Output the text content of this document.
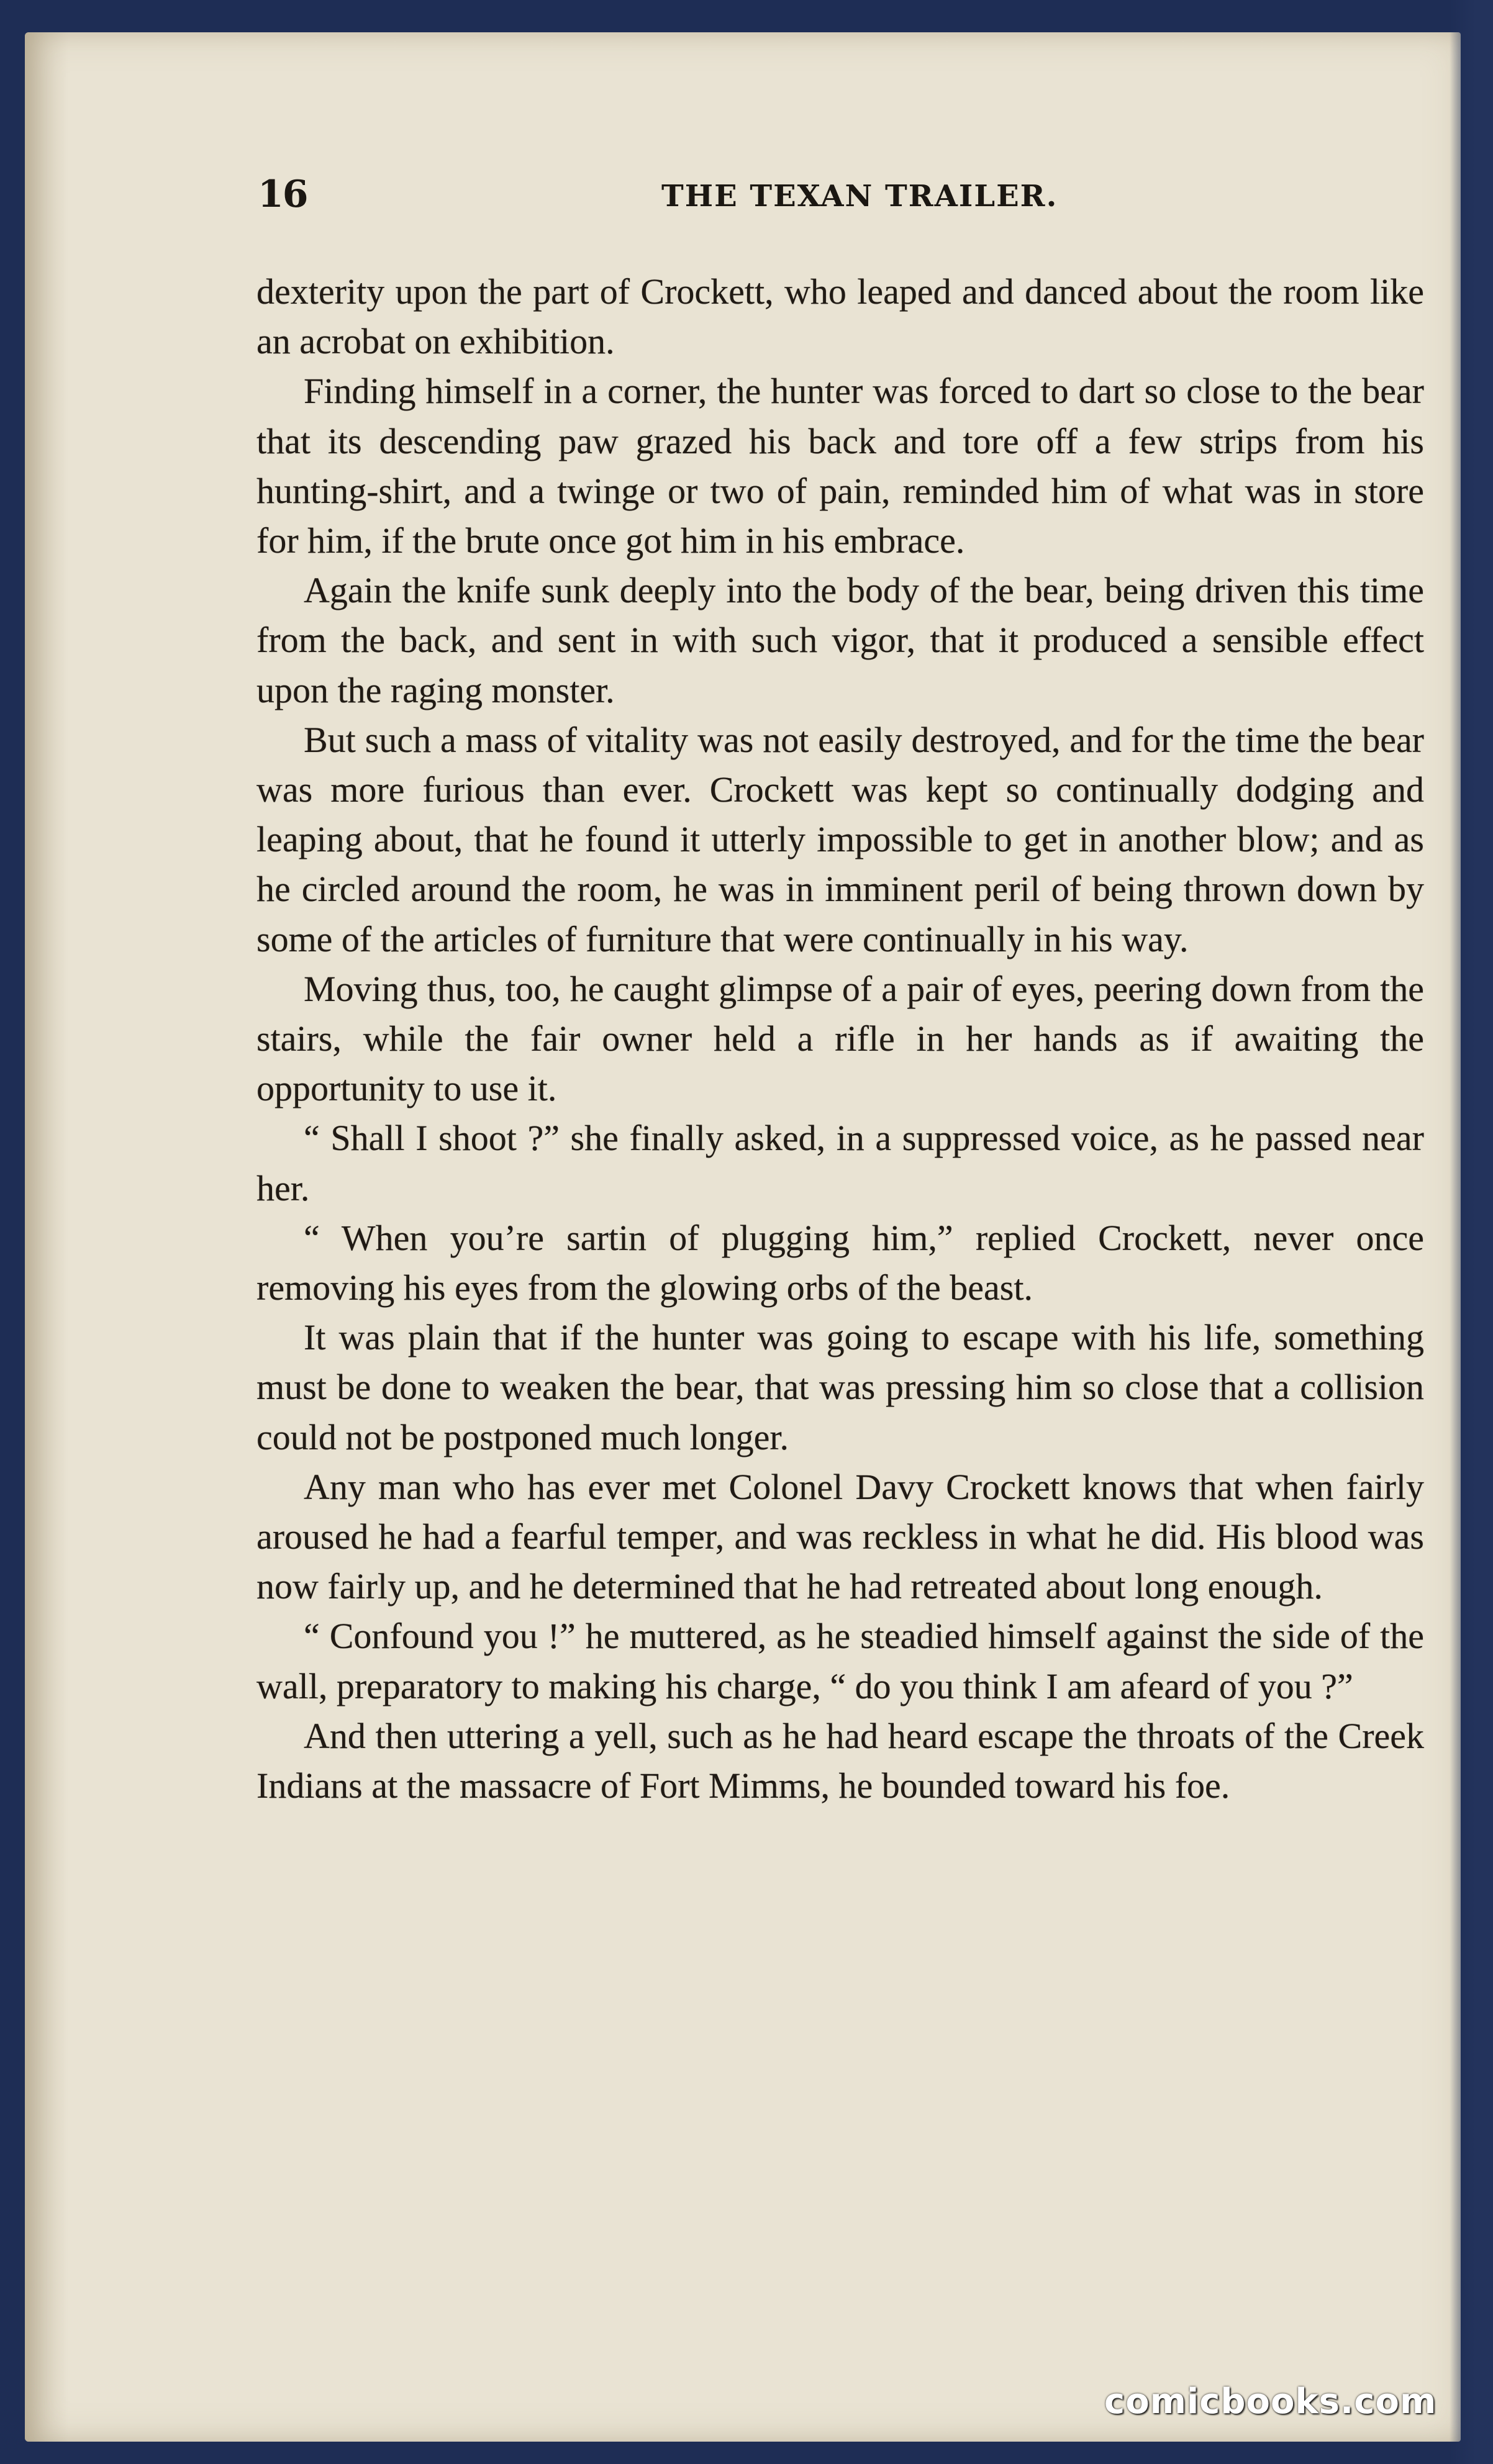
16	THE TEXAN TRAILER.

dexterity upon the part of Crockett, who leaped and danced about the room like an acrobat on exhibition.

Finding himself in a corner, the hunter was forced to dart so close to the bear that its descending paw grazed his back and tore off a few strips from his hunting-shirt, and a twinge or two of pain, reminded him of what was in store for him, if the brute once got him in his embrace.

Again the knife sunk deeply into the body of the bear, being driven this time from the back, and sent in with such vigor, that it produced a sensible effect upon the raging monster.

But such a mass of vitality was not easily destroyed, and for the time the bear was more furious than ever. Crockett was kept so continually dodging and leaping about, that he found it utterly impossible to get in another blow; and as he circled around the room, he was in imminent peril of being thrown down by some of the articles of furniture that were continually in his way.

Moving thus, too, he caught glimpse of a pair of eyes, peering down from the stairs, while the fair owner held a rifle in her hands as if awaiting the opportunity to use it.

“ Shall I shoot ?” she finally asked, in a suppressed voice, as he passed near her.

“ When you’re sartin of plugging him,” replied Crockett, never once removing his eyes from the glowing orbs of the beast.

It was plain that if the hunter was going to escape with his life, something must be done to weaken the bear, that was pressing him so close that a collision could not be postponed much longer.

Any man who has ever met Colonel Davy Crockett knows that when fairly aroused he had a fearful temper, and was reckless in what he did. His blood was now fairly up, and he determined that he had retreated about long enough.

“ Confound you !” he muttered, as he steadied himself against the side of the wall, preparatory to making his charge, “ do you think I am afeard of you ?”

And then uttering a yell, such as he had heard escape the throats of the Creek Indians at the massacre of Fort Mimms, he bounded toward his foe.

comicbooks.com
